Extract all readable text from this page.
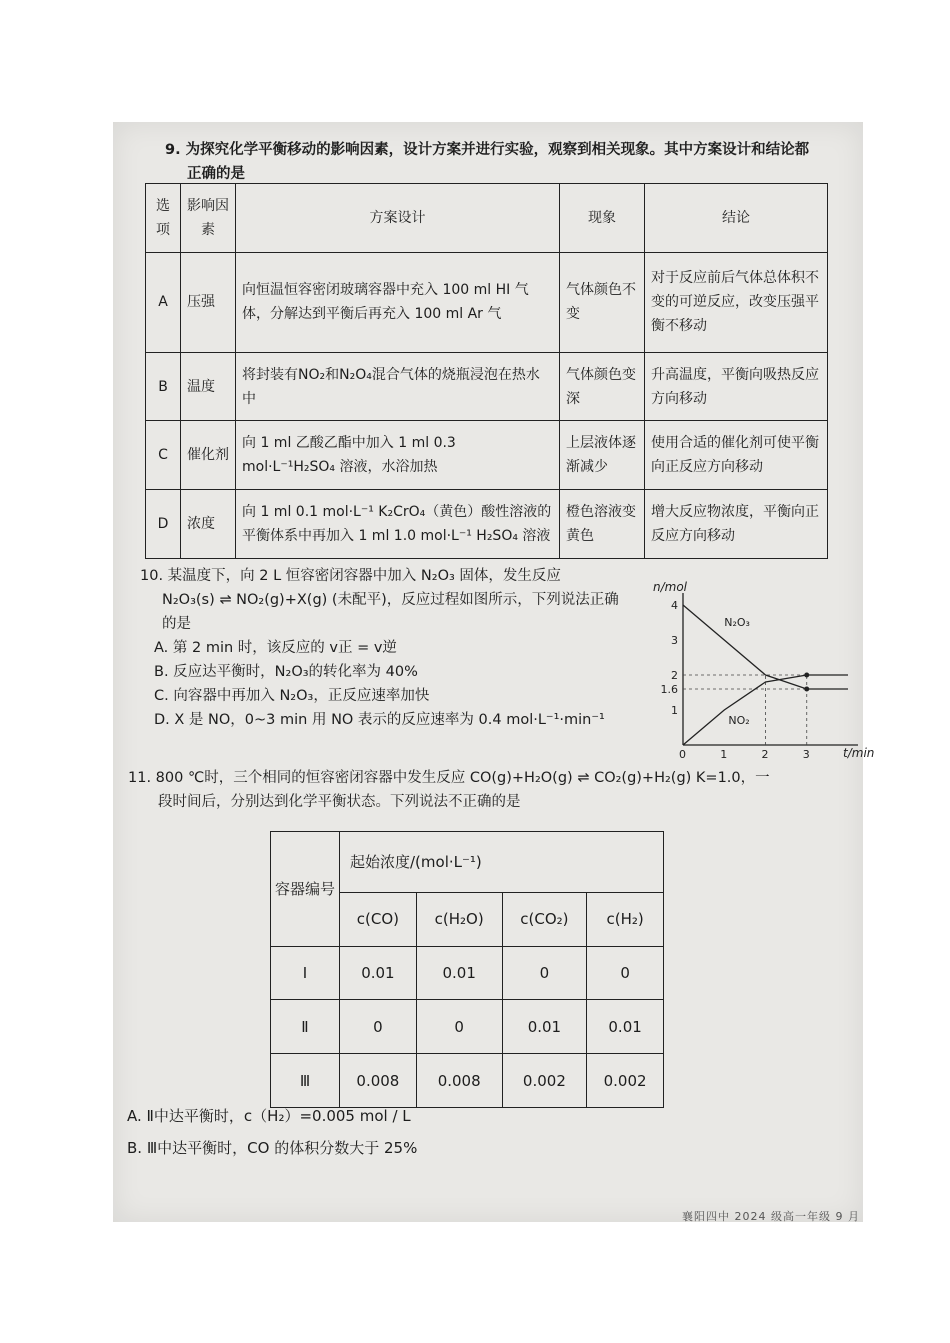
9. 为探究化学平衡移动的影响因素，设计方案并进行实验，观察到相关现象。其中方案设计和结论都
正确的是
选项	影响因素	方案设计	现象	结论
A	压强	向恒温恒容密闭玻璃容器中充入 100 ml HI 气体，分解达到平衡后再充入 100 ml Ar 气	气体颜色不变	对于反应前后气体总体积不变的可逆反应，改变压强平衡不移动
B	温度	将封装有NO₂和N₂O₄混合气体的烧瓶浸泡在热水中	气体颜色变深	升高温度，平衡向吸热反应方向移动
C	催化剂	向 1 ml 乙酸乙酯中加入 1 ml 0.3 mol·L⁻¹H₂SO₄ 溶液，水浴加热	上层液体逐渐减少	使用合适的催化剂可使平衡向正反应方向移动
D	浓度	向 1 ml 0.1 mol·L⁻¹ K₂CrO₄（黄色）酸性溶液的平衡体系中再加入 1 ml 1.0 mol·L⁻¹ H₂SO₄ 溶液	橙色溶液变黄色	增大反应物浓度，平衡向正反应方向移动
10. 某温度下，向 2 L 恒容密闭容器中加入 N₂O₃ 固体，发生反应
N₂O₃(s) ⇌ NO₂(g)+X(g) (未配平)，反应过程如图所示，下列说法正确
的是
A. 第 2 min 时，该反应的 v正 = v逆
B. 反应达平衡时，N₂O₃的转化率为 40%
C. 向容器中再加入 N₂O₃，正反应速率加快
D. X 是 NO，0~3 min 用 NO 表示的反应速率为 0.4 mol·L⁻¹·min⁻¹
n/mol
t/min
0	1	2	3
1
1.6
2
3
4
N₂O₃
NO₂
11. 800 ℃时，三个相同的恒容密闭容器中发生反应 CO(g)+H₂O(g) ⇌ CO₂(g)+H₂(g) K=1.0，一
段时间后，分别达到化学平衡状态。下列说法不正确的是
容器编号	起始浓度/(mol·L⁻¹)			
	c(CO)	c(H₂O)	c(CO₂)	c(H₂)
Ⅰ	0.01	0.01	0	0
Ⅱ	0	0	0.01	0.01
Ⅲ	0.008	0.008	0.002	0.002
A. Ⅱ中达平衡时，c（H₂）=0.005 mol / L
B. Ⅲ中达平衡时，CO 的体积分数大于 25%
襄阳四中 2024 级高一年级 9 月
